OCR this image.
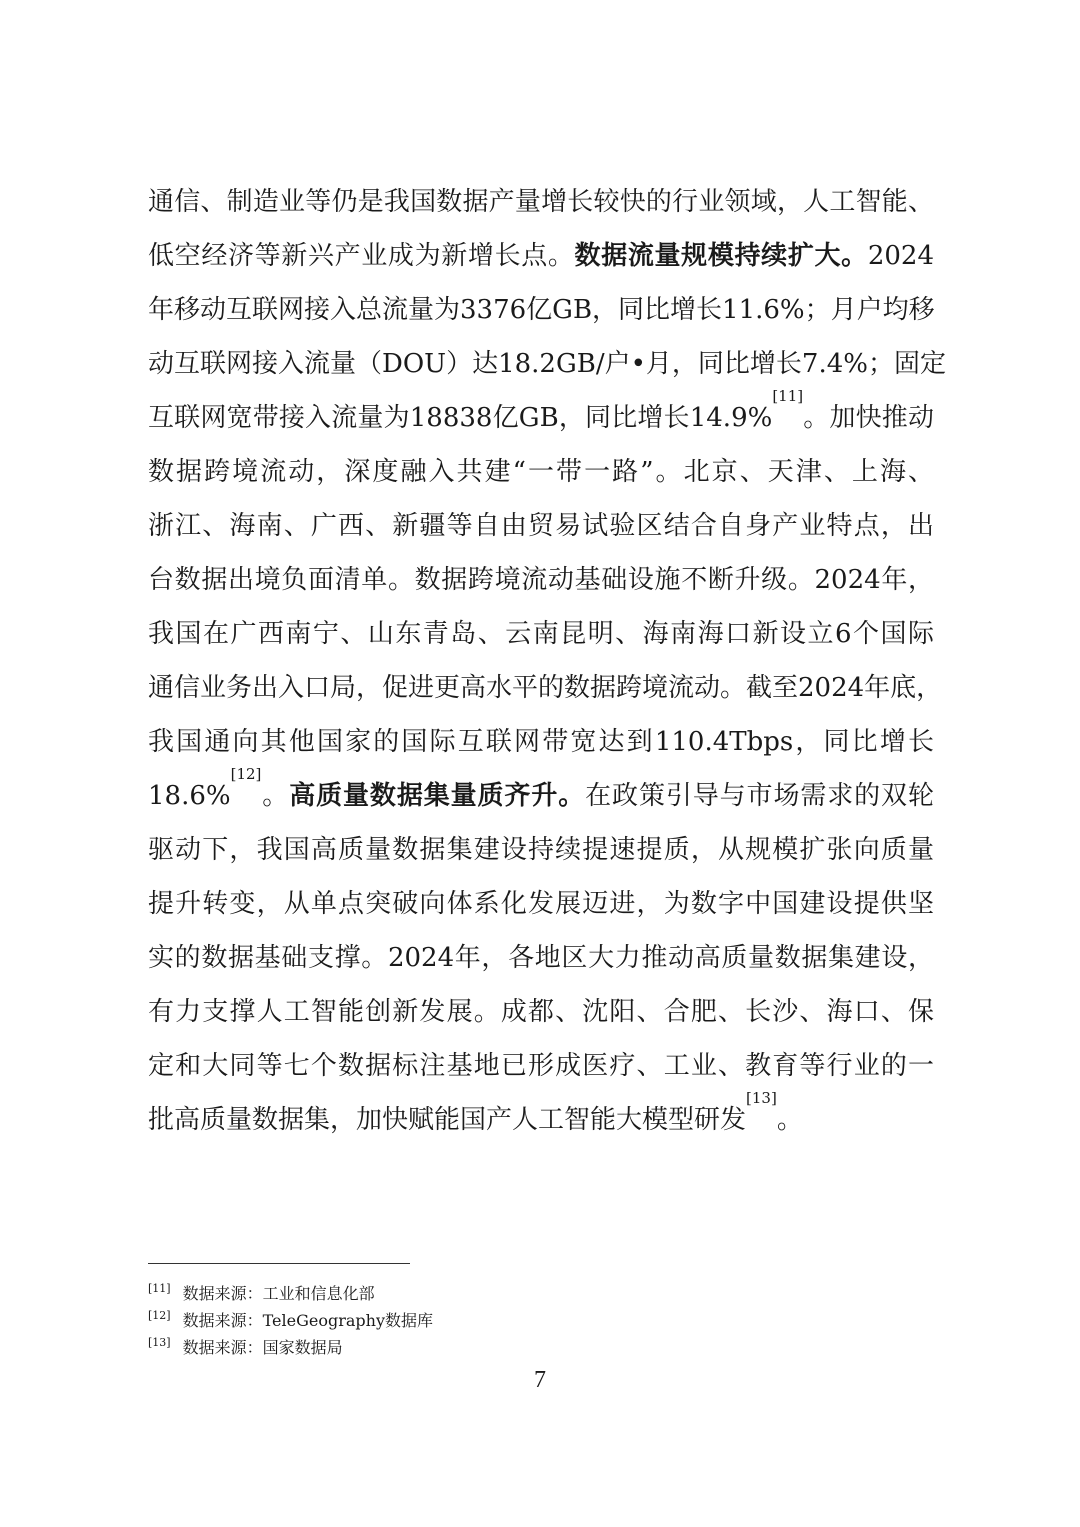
通信、制造业等仍是我国数据产量增长较快的行业领域，人工智能、
低空经济等新兴产业成为新增长点。数据流量规模持续扩大。2024
年移动互联网接入总流量为3376亿GB，同比增长11.6%；月户均移
动互联网接入流量（DOU）达18.2GB/户•月，同比增长7.4%；固定
互联网宽带接入流量为18838亿GB，同比增长14.9%[11]。加快推动
数据跨境流动，深度融入共建“一带一路”。北京、天津、上海、
浙江、海南、广西、新疆等自由贸易试验区结合自身产业特点，出
台数据出境负面清单。数据跨境流动基础设施不断升级。2024年，
我国在广西南宁、山东青岛、云南昆明、海南海口新设立6个国际
通信业务出入口局，促进更高水平的数据跨境流动。截至2024年底，
我国通向其他国家的国际互联网带宽达到110.4Tbps，同比增长
18.6%[12]。高质量数据集量质齐升。在政策引导与市场需求的双轮
驱动下，我国高质量数据集建设持续提速提质，从规模扩张向质量
提升转变，从单点突破向体系化发展迈进，为数字中国建设提供坚
实的数据基础支撑。2024年，各地区大力推动高质量数据集建设，
有力支撑人工智能创新发展。成都、沈阳、合肥、长沙、海口、保
定和大同等七个数据标注基地已形成医疗、工业、教育等行业的一
批高质量数据集，加快赋能国产人工智能大模型研发[13]。
[11] 数据来源：工业和信息化部
[12] 数据来源：TeleGeography数据库
[13] 数据来源：国家数据局
7
